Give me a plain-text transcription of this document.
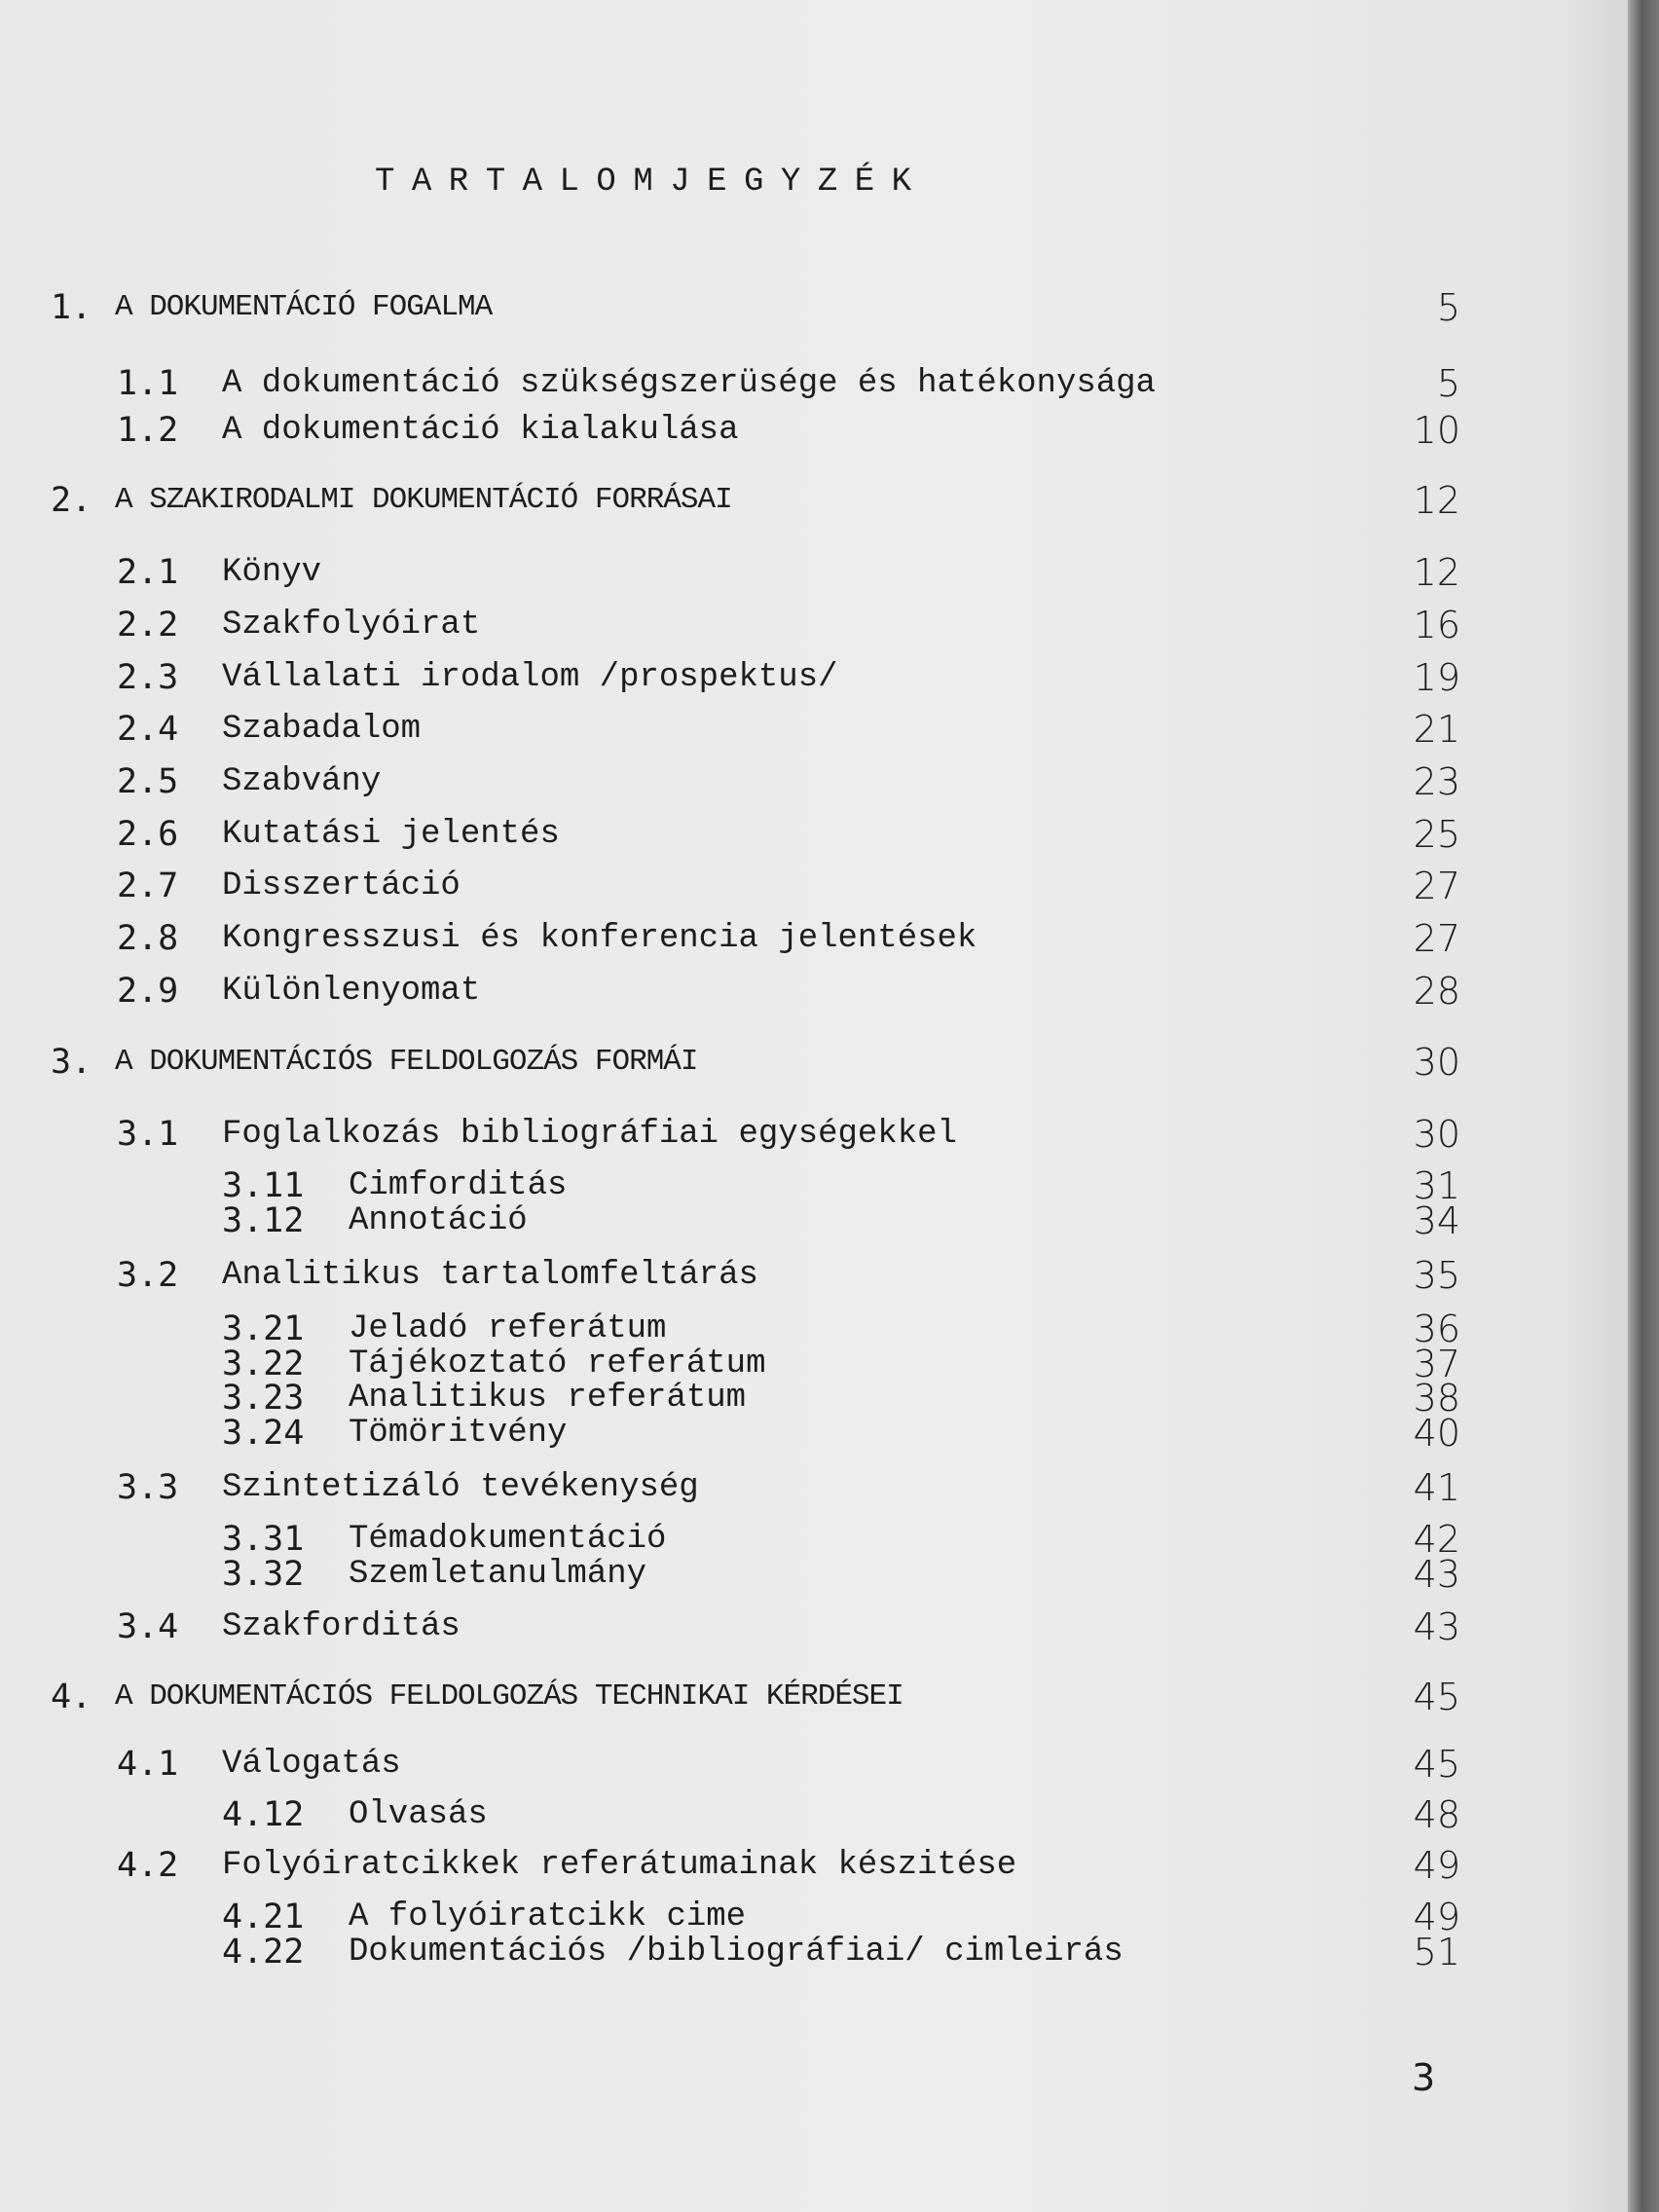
TARTALOMJEGYZÉK
1. A DOKUMENTÁCIÓ FOGALMA	5
1.1 A dokumentáció szükségszerüsége és hatékonysága	5
1.2 A dokumentáció kialakulása	10
2. A SZAKIRODALMI DOKUMENTÁCIÓ FORRÁSAI	12
2.1 Könyv	12
2.2 Szakfolyóirat	16
2.3 Vállalati irodalom /prospektus/	19
2.4 Szabadalom	21
2.5 Szabvány	23
2.6 Kutatási jelentés	25
2.7 Disszertáció	27
2.8 Kongresszusi és konferencia jelentések	27
2.9 Különlenyomat	28
3. A DOKUMENTÁCIÓS FELDOLGOZÁS FORMÁI	30
3.1 Foglalkozás bibliográfiai egységekkel	30
3.11 Cimforditás	31
3.12 Annotáció	34
3.2 Analitikus tartalomfeltárás	35
3.21 Jeladó referátum	36
3.22 Tájékoztató referátum	37
3.23 Analitikus referátum	38
3.24 Tömöritvény	40
3.3 Szintetizáló tevékenység	41
3.31 Témadokumentáció	42
3.32 Szemletanulmány	43
3.4 Szakforditás	43
4. A DOKUMENTÁCIÓS FELDOLGOZÁS TECHNIKAI KÉRDÉSEI	45
4.1 Válogatás	45
4.12 Olvasás	48
4.2 Folyóiratcikkek referátumainak készitése	49
4.21 A folyóiratcikk cime	49
4.22 Dokumentációs /bibliográfiai/ cimleirás	51
3
